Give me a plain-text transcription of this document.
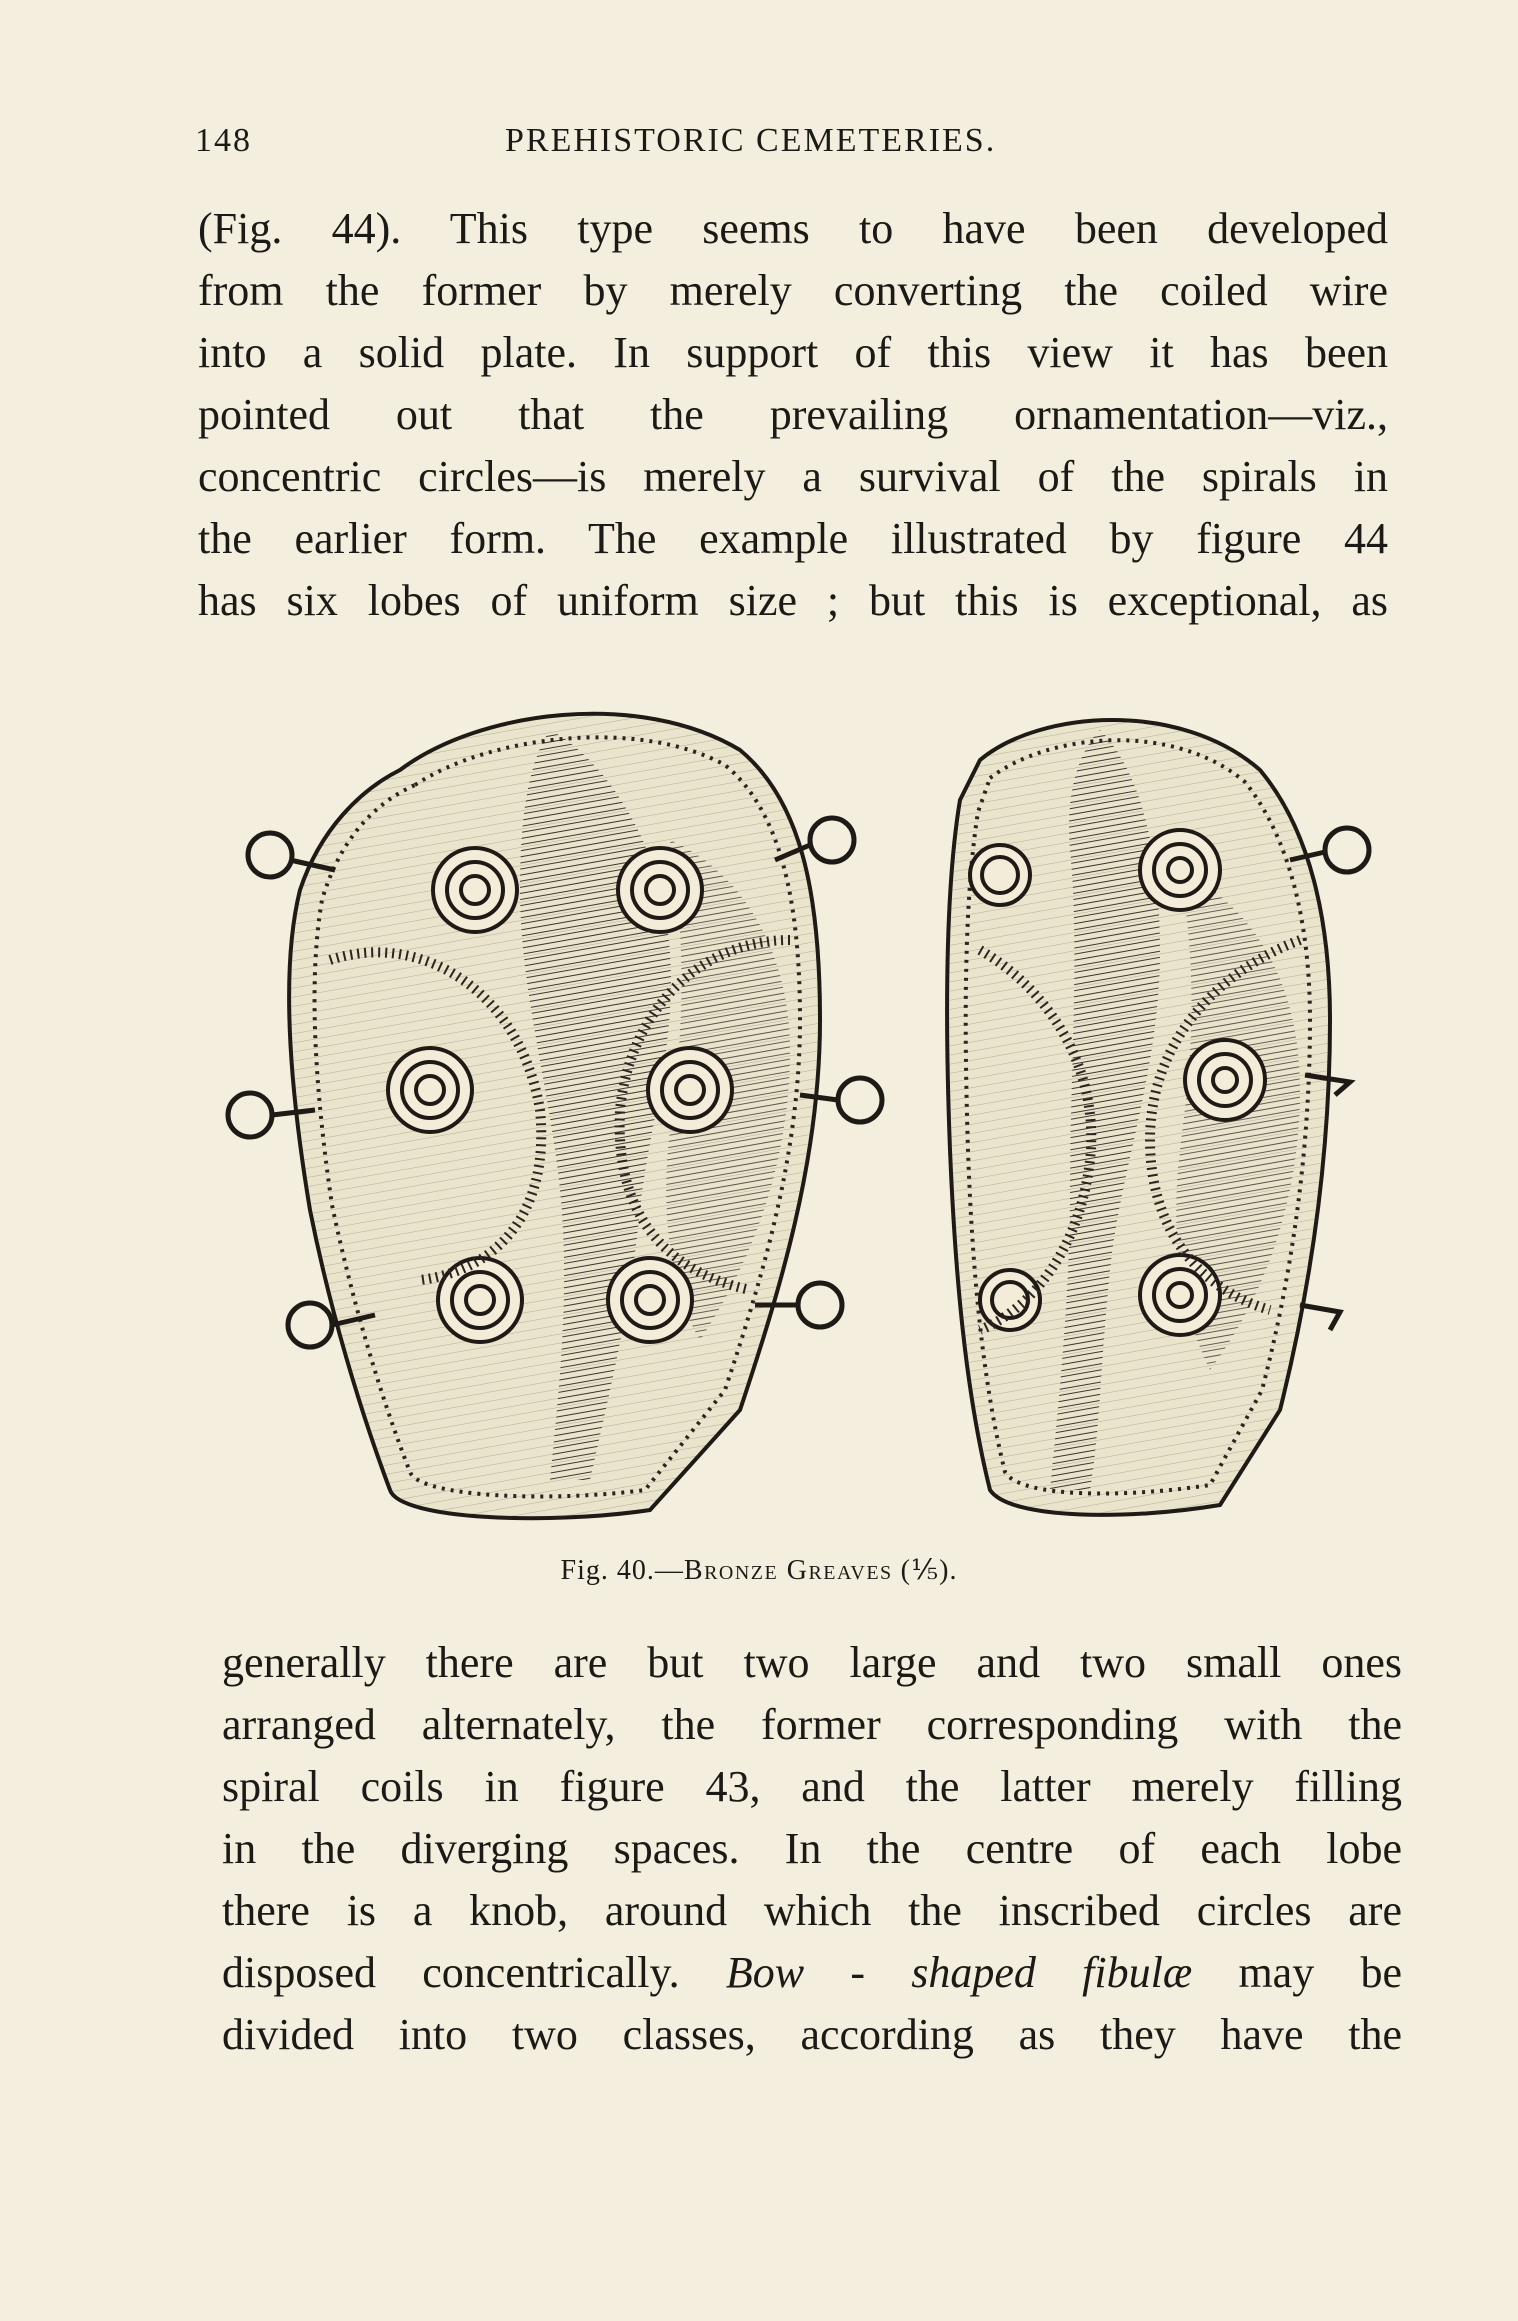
148	PREHISTORIC CEMETERIES.
(Fig. 44). This type seems to have been developed
from the former by merely converting the coiled wire
into a solid plate. In support of this view it has been
pointed out that the prevailing ornamentation—viz.,
concentric circles—is merely a survival of the spirals in
the earlier form. The example illustrated by figure 44
has six lobes of uniform size ; but this is exceptional, as
Fig. 40.—Bronze Greaves (⅕).
generally there are but two large and two small ones
arranged alternately, the former corresponding with the
spiral coils in figure 43, and the latter merely filling
in the diverging spaces. In the centre of each lobe
there is a knob, around which the inscribed circles are
disposed concentrically. Bow - shaped fibulæ may be
divided into two classes, according as they have the
